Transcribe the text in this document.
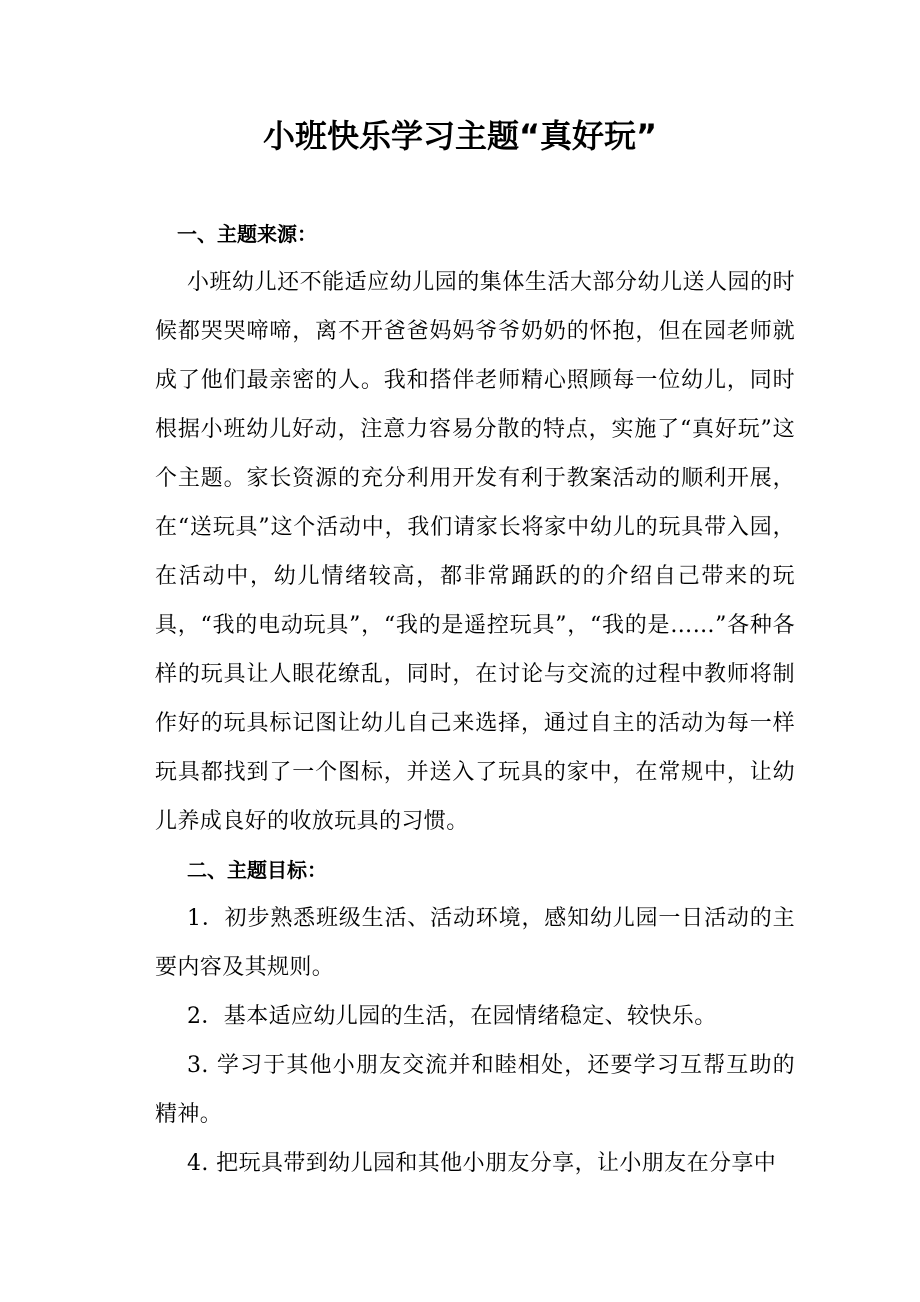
小班快乐学习主题“真好玩”

一、主题来源：

小班幼儿还不能适应幼儿园的集体生活大部分幼儿送人园的时候都哭哭啼啼，离不开爸爸妈妈爷爷奶奶的怀抱，但在园老师就成了他们最亲密的人。我和搭伴老师精心照顾每一位幼儿，同时根据小班幼儿好动，注意力容易分散的特点，实施了“真好玩”这个主题。家长资源的充分利用开发有利于教案活动的顺利开展，在“送玩具”这个活动中，我们请家长将家中幼儿的玩具带入园，在活动中，幼儿情绪较高，都非常踊跃的的介绍自己带来的玩具，“我的电动玩具”，“我的是遥控玩具”，“我的是……”各种各样的玩具让人眼花缭乱，同时，在讨论与交流的过程中教师将制作好的玩具标记图让幼儿自己来选择，通过自主的活动为每一样玩具都找到了一个图标，并送入了玩具的家中，在常规中，让幼儿养成良好的收放玩具的习惯。

二、主题目标：

1．初步熟悉班级生活、活动环境，感知幼儿园一日活动的主要内容及其规则。

2．基本适应幼儿园的生活，在园情绪稳定、较快乐。

3. 学习于其他小朋友交流并和睦相处，还要学习互帮互助的精神。

4. 把玩具带到幼儿园和其他小朋友分享，让小朋友在分享中
